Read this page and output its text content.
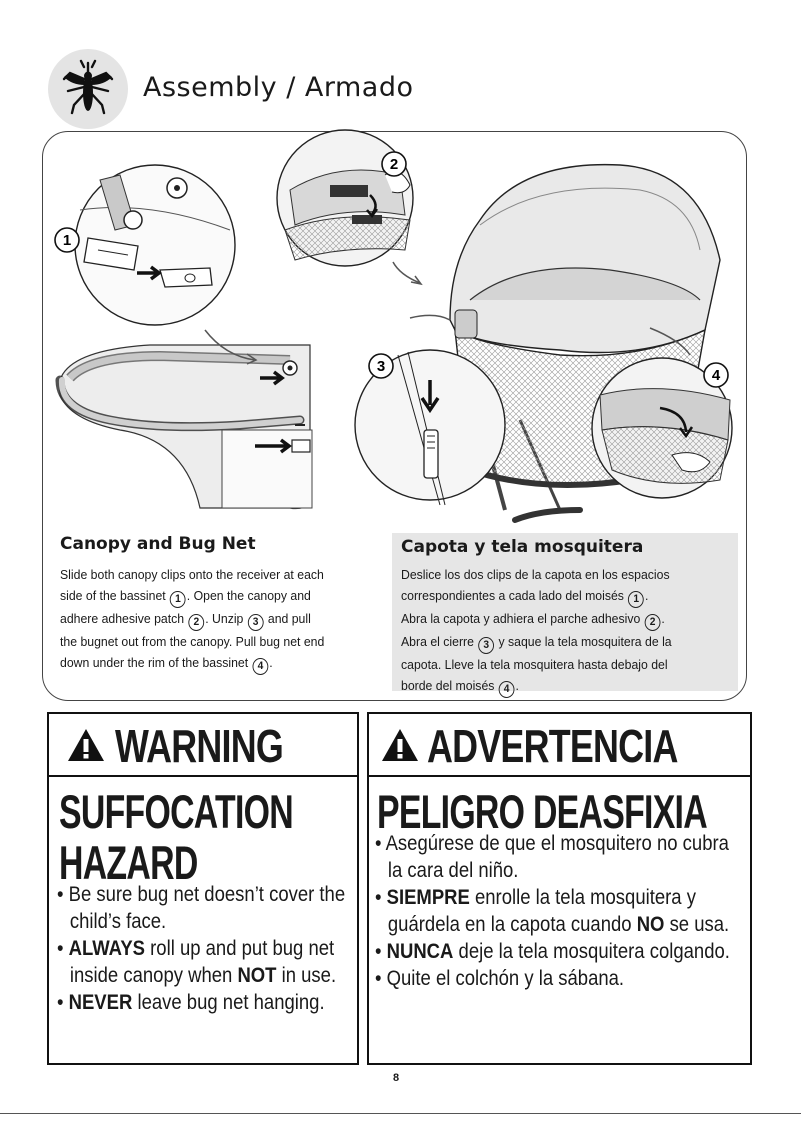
Assembly / Armado
1
2
3
4
Canopy and Bug Net
Slide both canopy clips onto the receiver at each
side of the bassinet 1 . Open the canopy and
adhere adhesive patch 2 . Unzip 3 and pull
the bugnet out from the canopy. Pull bug net end
down under the rim of the bassinet 4 .
Capota y tela mosquitera
Deslice los dos clips de la capota en los espacios
correspondientes a cada lado del moisés 1 .
Abra la capota y adhiera el parche adhesivo 2 .
Abra el cierre 3 y saque la tela mosquitera de la
capota. Lleve la tela mosquitera hasta debajo del
borde del moisés 4 .
WARNING
SUFFOCATION
HAZARD
• Be sure bug net doesn’t cover the child’s face.
• ALWAYS roll up and put bug net inside canopy when NOT in use.
• NEVER leave bug net hanging.
ADVERTENCIA
PELIGRO DEASFIXIA
• Asegúrese de que el mosquitero no cubra la cara del niño.
• SIEMPRE enrolle la tela mosquitera y guárdela en la capota cuando NO se usa.
• NUNCA deje la tela mosquitera colgando.
• Quite el colchón y la sábana.
8
